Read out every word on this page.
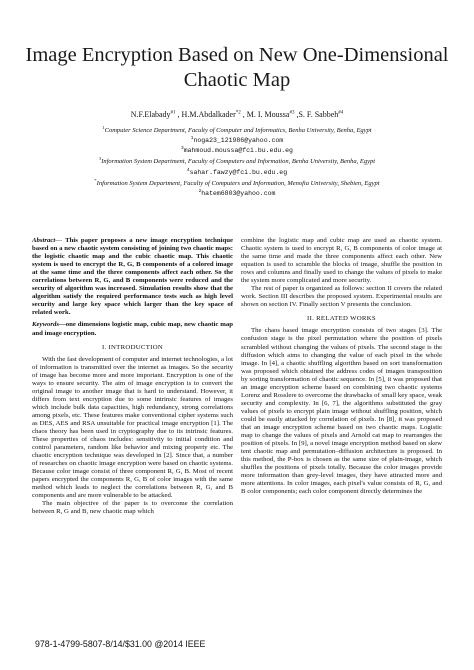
Image Encryption Based on New One-Dimensional
Chaotic Map
N.F.Elabady$^{\#1}$ , H.M.Abdalkader$^{*2}$ , M. I. Moussa$^{\#3}$ ,S. F. Sabbeh$^{\#4}$
$^1$Computer Science Department, Faculty of Computer and Informatics, Benha University, Benha, Egypt
$^1$noga23_121986@yahoo.com
$^3$mahmoud.moussa@fci.bu.edu.eg
$^3$Information System Department, Faculty of Computers and Information, Benha University, Benha, Egypt
$^4$sahar.fawzy@fci.bu.edu.eg
*Information System Department, Faculty of Computers and Information, Menofia University, Shebien, Egypt
$^2$hatem6803@yahoo.com

Abstract— This paper proposes a new image encryption technique based on a new chaotic system consisting of joining two chaotic maps: the logistic chaotic map and the cubic chaotic map. This chaotic system is used to encrypt the R, G, B components of a colored image at the same time and the three components affect each other. So the correlations between R, G, and B components were reduced and the security of algorithm was increased. Simulation results show that the algorithm satisfy the required performance tests such as high level security and large key space which larger than the key space of related work.

Keywords—one dimensions logistic map, cubic map, new chaotic map and image encryption.

I. INTRODUCTION

With the fast development of computer and internet technologies, a lot of information is transmitted over the internet as images. So the security of image has become more and more important. Encryption is one of the ways to ensure security. The aim of image encryption is to convert the original image to another image that is hard to understand. However, it differs from text encryption due to some intrinsic features of images which include bulk data capacities, high redundancy, strong correlations among pixels, etc. These features make conventional cipher systems such as DES, AES and RSA unsuitable for practical image encryption [1]. The chaos theory has been used in cryptography due to its intrinsic features. These properties of chaos includes: sensitivity to initial condition and control parameters, random like behavior and mixing property etc. The chaotic encryption technique was developed in [2]. Since that, a number of researches on chaotic image encryption were based on chaotic systems. Because color image consist of three component R, G, B. Most of recent papers encrypted the components R, G, B of color images with the same method which leads to neglect the correlations between R, G, and B components and are more vulnerable to be attacked.

The main objective of the paper is to overcome the correlation between R, G and B, new chaotic map which

combine the logistic map and cubic map are used as chaotic system. Chaotic system is used to encrypt R, G, B components of color image at the same time and made the three components affect each other. New equation is used to scramble the blocks of image, shuffle the position in rows and columns and finally used to change the values of pixels to make the system more complicated and more security.

The rest of paper is organized as follows: section II covers the related work. Section III describes the proposed system. Experimental results are shown on section IV. Finally section V presents the conclusion.

II. RELATED WORKS

The chaos based image encryption consists of two stages [3]. The confusion stage is the pixel permutation where the position of pixels scrambled without changing the values of pixels. The second stage is the diffusion which aims to changing the value of each pixel in the whole image. In [4], a chaotic shuffling algorithm based on sort transformation was proposed which obtained the address codes of images transposition by sorting transformation of chaotic sequence. In [5], it was proposed that an image encryption scheme based on combining two chaotic systems Lorenz and Rosslere to overcome the drawbacks of small key space, weak security and complexity. In [6, 7], the algorithms substituted the gray values of pixels to encrypt plain image without shuffling position, which could be easily attacked by correlation of pixels. In [8], it was proposed that an image encryption scheme based on two chaotic maps. Logistic map to change the values of pixels and Arnold cat map to rearranges the position of pixels. In [9], a novel image encryption method based on skew tent chaotic map and permutation–diffusion architecture is proposed. In this method, the P-box is chosen as the same size of plain-image, which shuffles the positions of pixels totally. Because the color images provide more information than grey-level images, they have attracted more and more attentions. In color images, each pixel's value consists of R, G, and B color components; each color component directly determines the

978-1-4799-5807-8/14/$31.00 @2014 IEEE
